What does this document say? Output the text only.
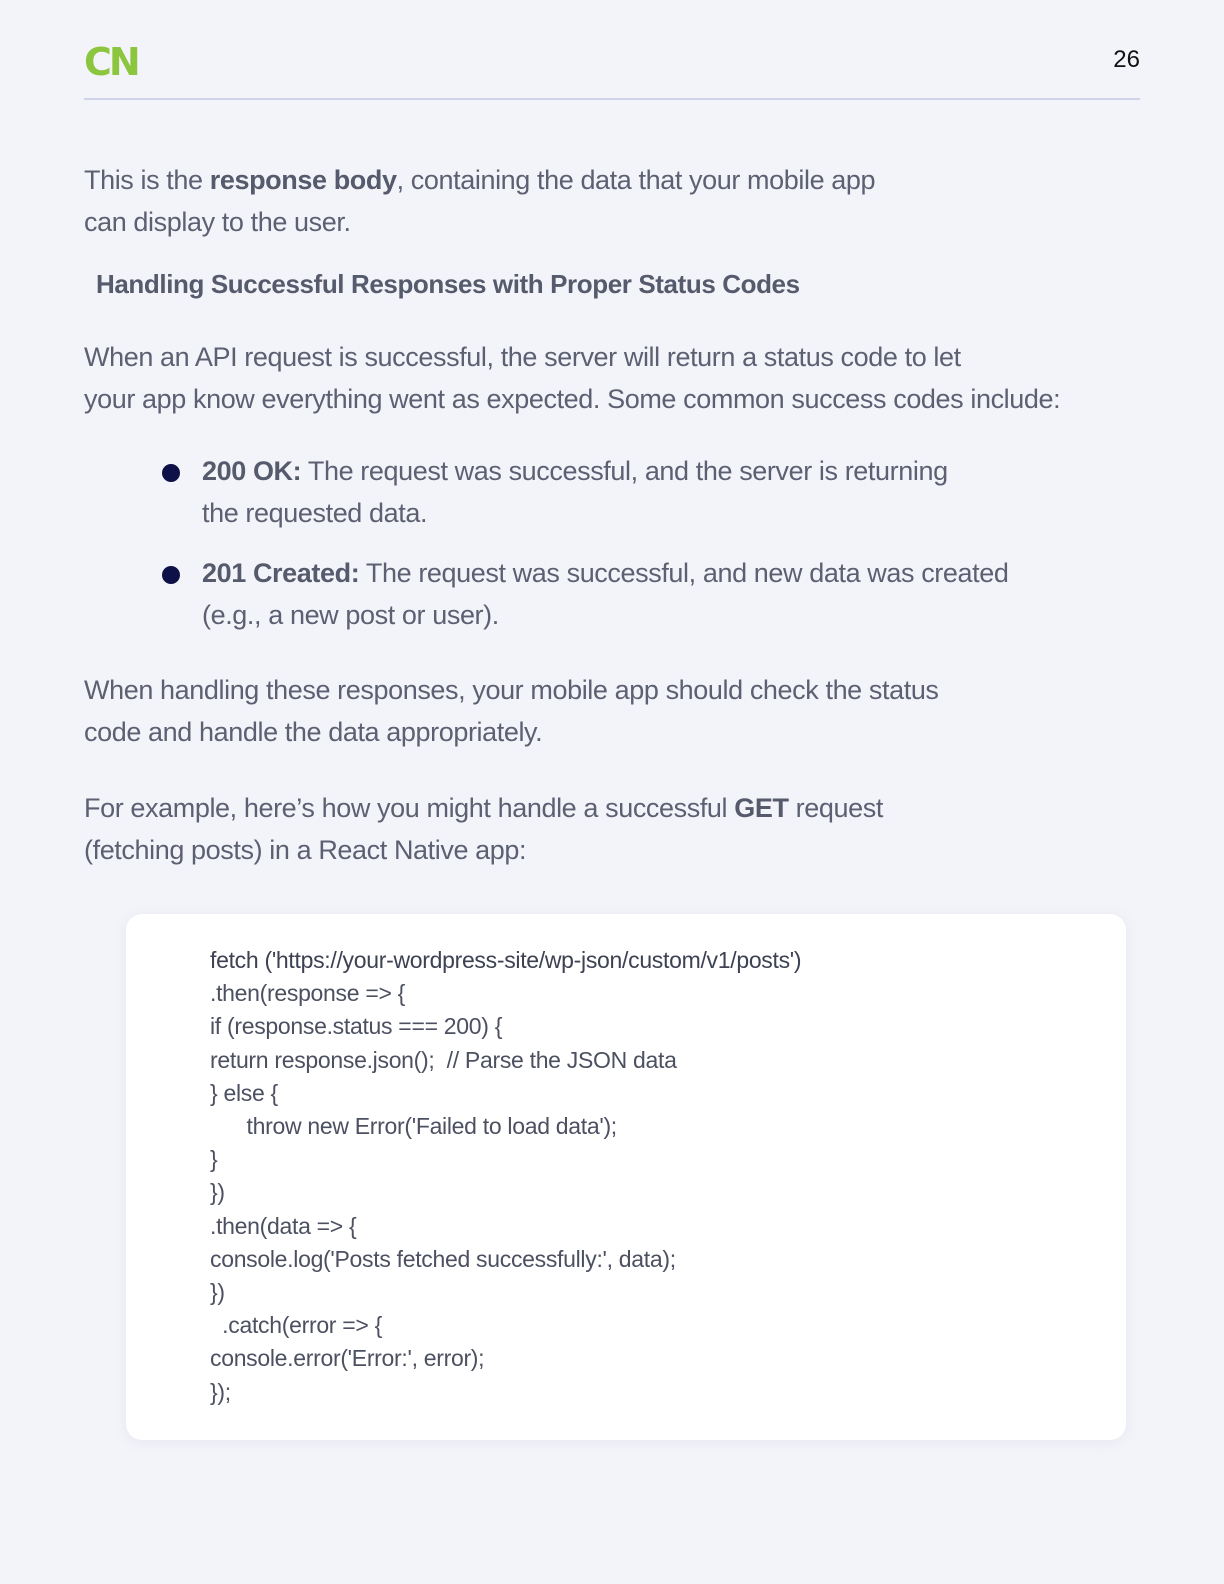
CN	26

This is the response body, containing the data that your mobile app
can display to the user.

Handling Successful Responses with Proper Status Codes

When an API request is successful, the server will return a status code to let
your app know everything went as expected. Some common success codes include:

200 OK: The request was successful, and the server is returning
the requested data.
201 Created: The request was successful, and new data was created
(e.g., a new post or user).

When handling these responses, your mobile app should check the status
code and handle the data appropriately.

For example, here’s how you might handle a successful GET request
(fetching posts) in a React Native app:

fetch ('https://your-wordpress-site/wp-json/custom/v1/posts')
.then(response => {
if (response.status === 200) {
return response.json();  // Parse the JSON data
} else {
throw new Error('Failed to load data');
}
})
.then(data => {
console.log('Posts fetched successfully:', data);
})
.catch(error => {
console.error('Error:', error);
});
